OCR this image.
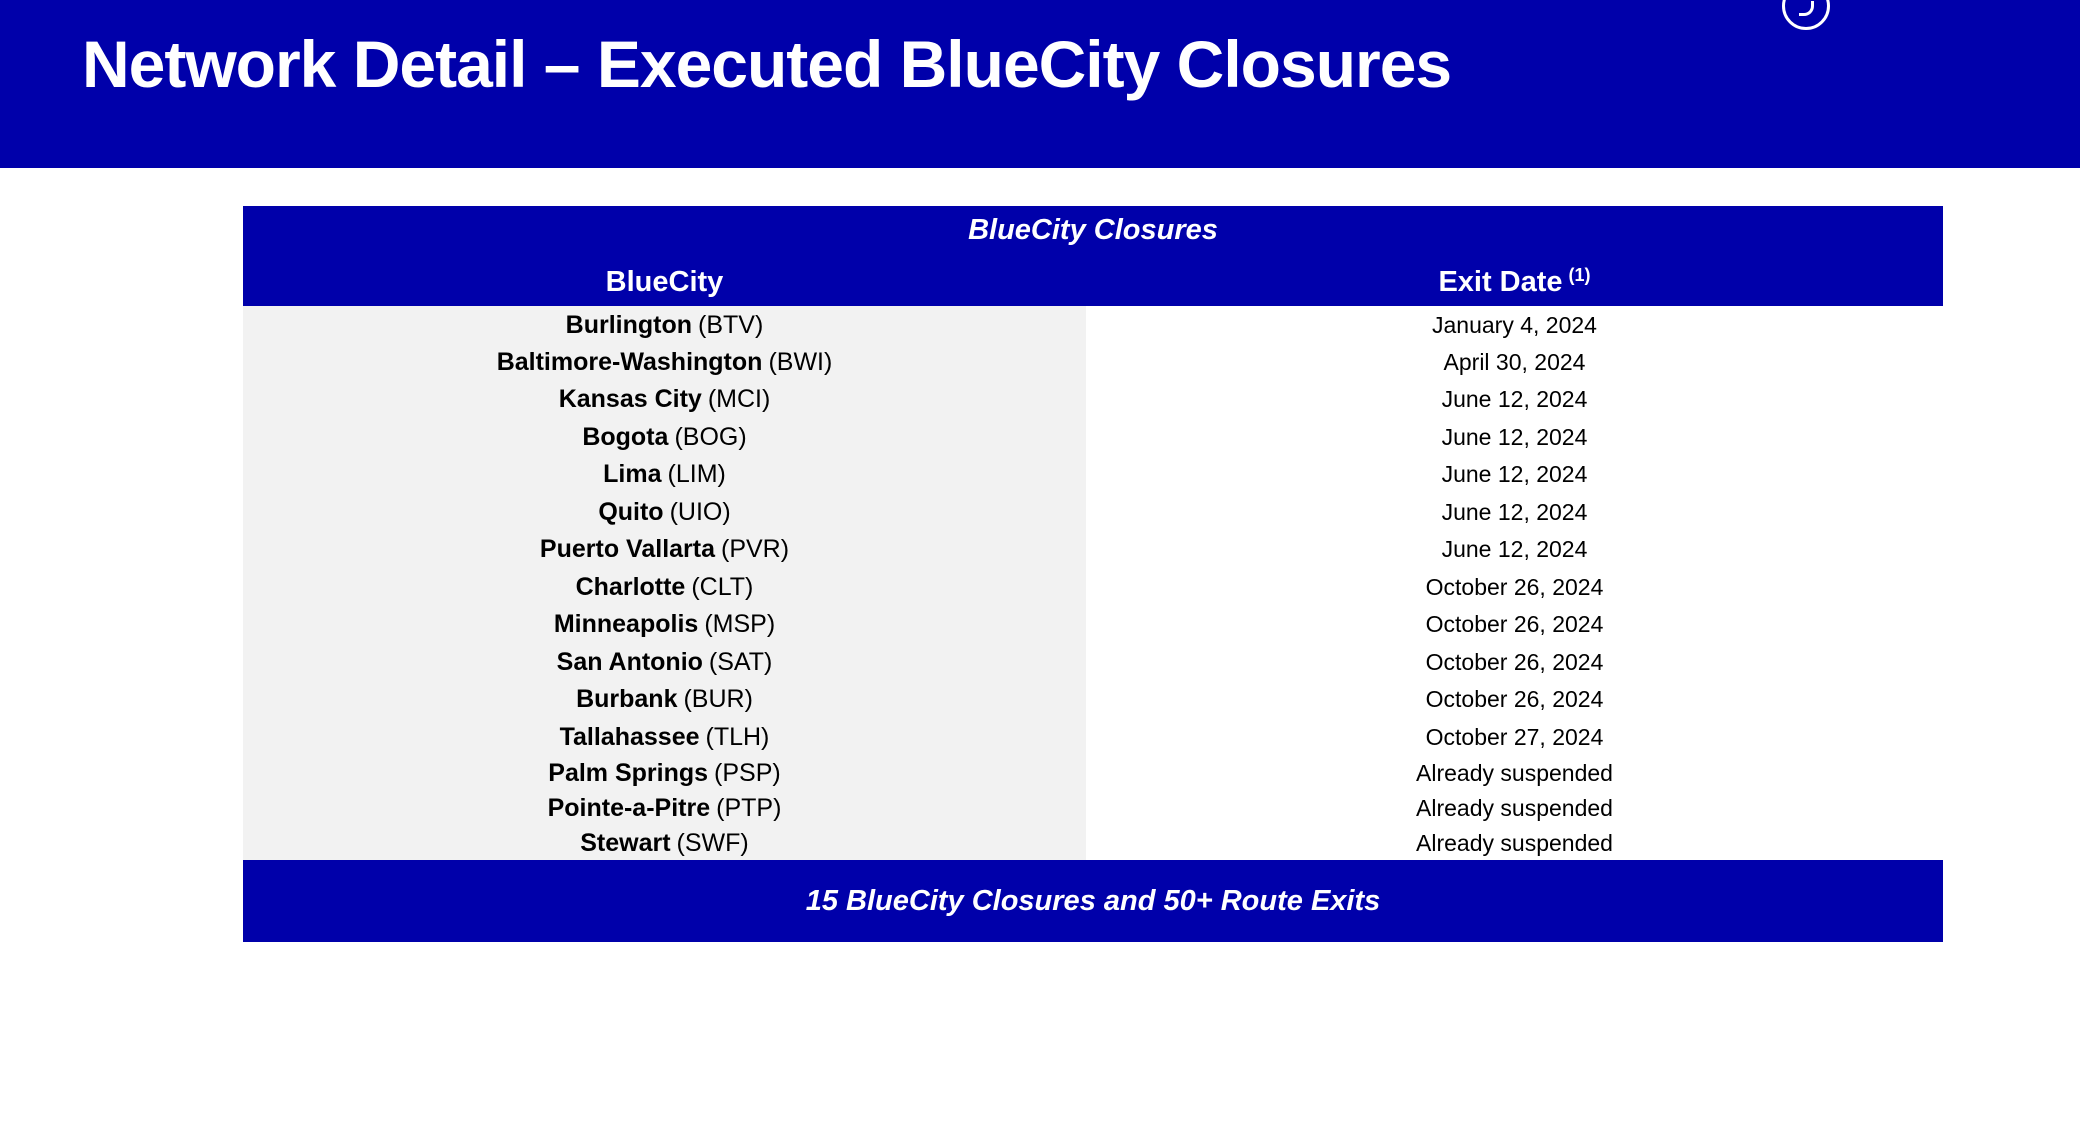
Network Detail – Executed BlueCity Closures
BlueCity Closures
BlueCity	Exit Date $^{(1)}$
Burlington (BTV)	January 4, 2024
Baltimore-Washington (BWI)	April 30, 2024
Kansas City (MCI)	June 12, 2024
Bogota (BOG)	June 12, 2024
Lima (LIM)	June 12, 2024
Quito (UIO)	June 12, 2024
Puerto Vallarta (PVR)	June 12, 2024
Charlotte (CLT)	October 26, 2024
Minneapolis (MSP)	October 26, 2024
San Antonio (SAT)	October 26, 2024
Burbank (BUR)	October 26, 2024
Tallahassee (TLH)	October 27, 2024
Palm Springs (PSP)	Already suspended
Pointe-a-Pitre (PTP)	Already suspended
Stewart (SWF)	Already suspended
15 BlueCity Closures and 50+ Route Exits
